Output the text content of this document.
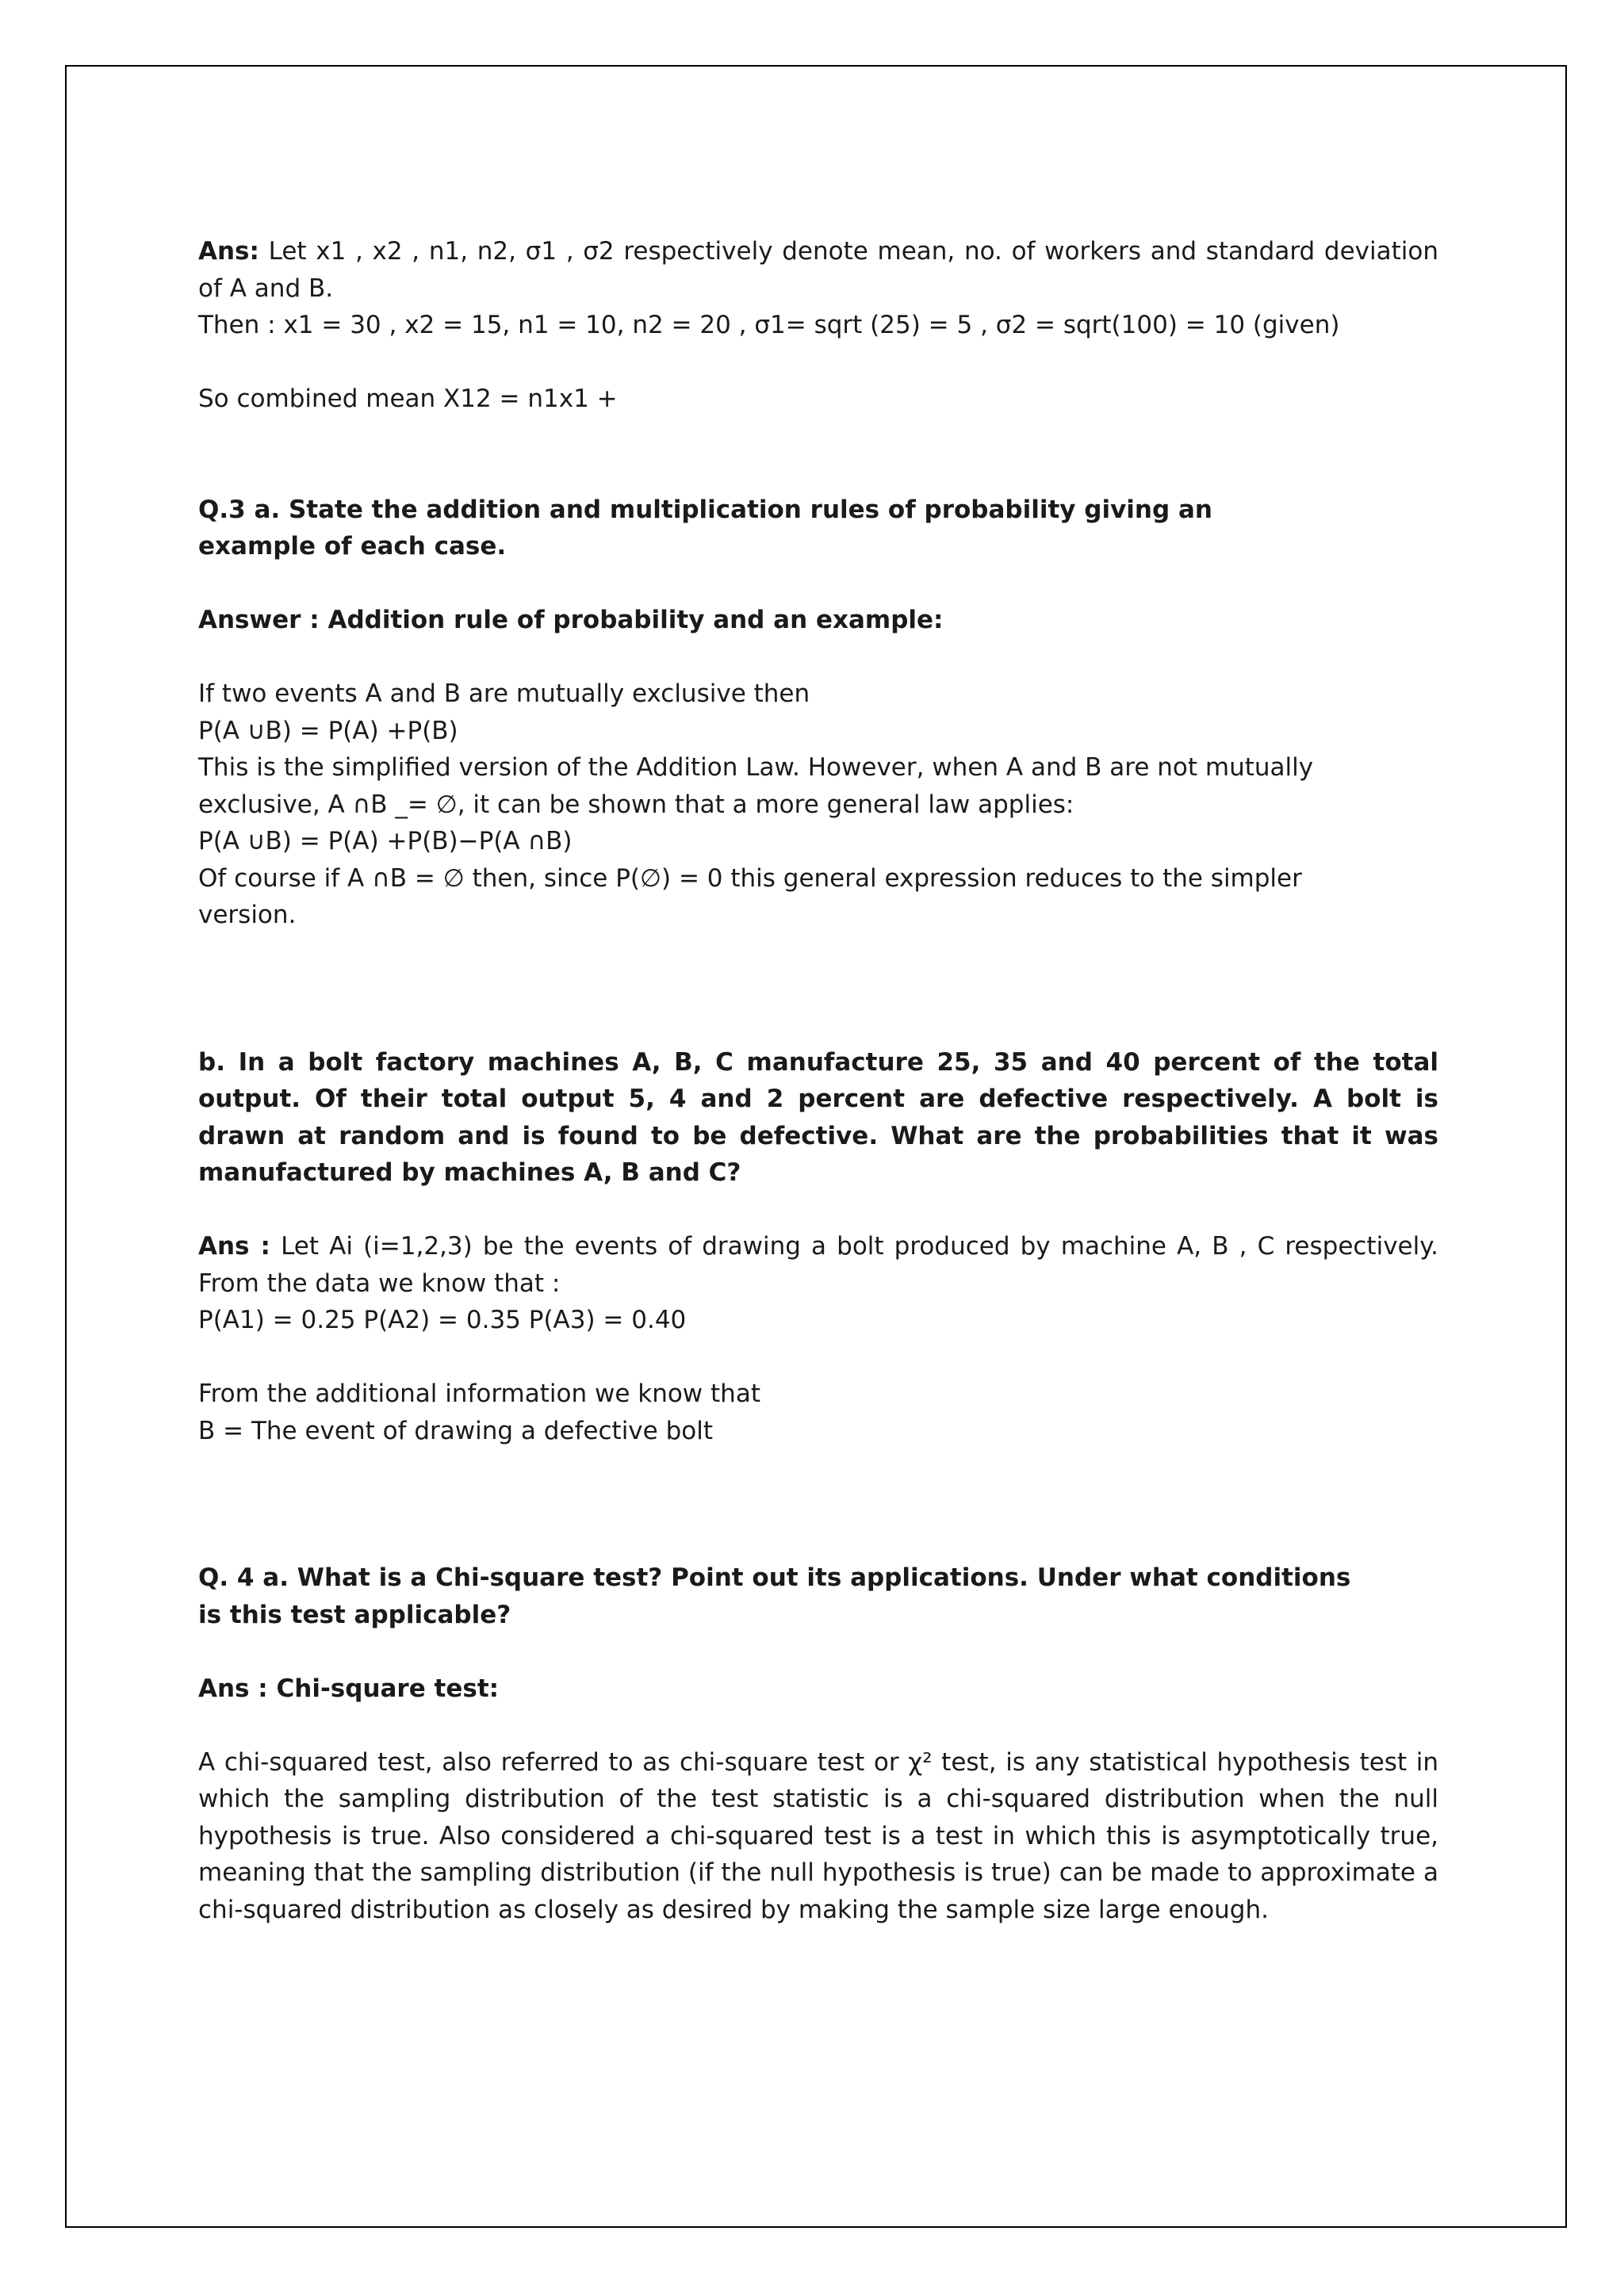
Ans: Let x1 , x2 , n1, n2, σ1 , σ2 respectively denote mean, no. of workers and standard deviation of A and B.

Then : x1 = 30 , x2 = 15, n1 = 10, n2 = 20 , σ1= sqrt (25) = 5 , σ2 = sqrt(100) = 10 (given)

So combined mean X12 = n1x1 +

Q.3 a. State the addition and multiplication rules of probability giving an example of each case.

Answer : Addition rule of probability and an example:

If two events A and B are mutually exclusive then

P(A ∪B) = P(A) +P(B)

This is the simplified version of the Addition Law. However, when A and B are not mutually

exclusive, A ∩B _= ∅, it can be shown that a more general law applies:

P(A ∪B) = P(A) +P(B)−P(A ∩B)

Of course if A ∩B = ∅ then, since P(∅) = 0 this general expression reduces to the simpler

version.

b. In a bolt factory machines A, B, C manufacture 25, 35 and 40 percent of the total output. Of their total output 5, 4 and 2 percent are defective respectively. A bolt is drawn at random and is found to be defective. What are the probabilities that it was manufactured by machines A, B and C?

Ans : Let Ai (i=1,2,3) be the events of drawing a bolt produced by machine A, B , C respectively. From the data we know that :

P(A1) = 0.25 P(A2) = 0.35 P(A3) = 0.40

From the additional information we know that

B = The event of drawing a defective bolt

Q. 4 a. What is a Chi-square test? Point out its applications. Under what conditions is this test applicable?

Ans : Chi-square test:

A chi-squared test, also referred to as chi-square test or χ² test, is any statistical hypothesis test in which the sampling distribution of the test statistic is a chi-squared distribution when the null hypothesis is true. Also considered a chi-squared test is a test in which this is asymptotically true, meaning that the sampling distribution (if the null hypothesis is true) can be made to approximate a chi-squared distribution as closely as desired by making the sample size large enough.
